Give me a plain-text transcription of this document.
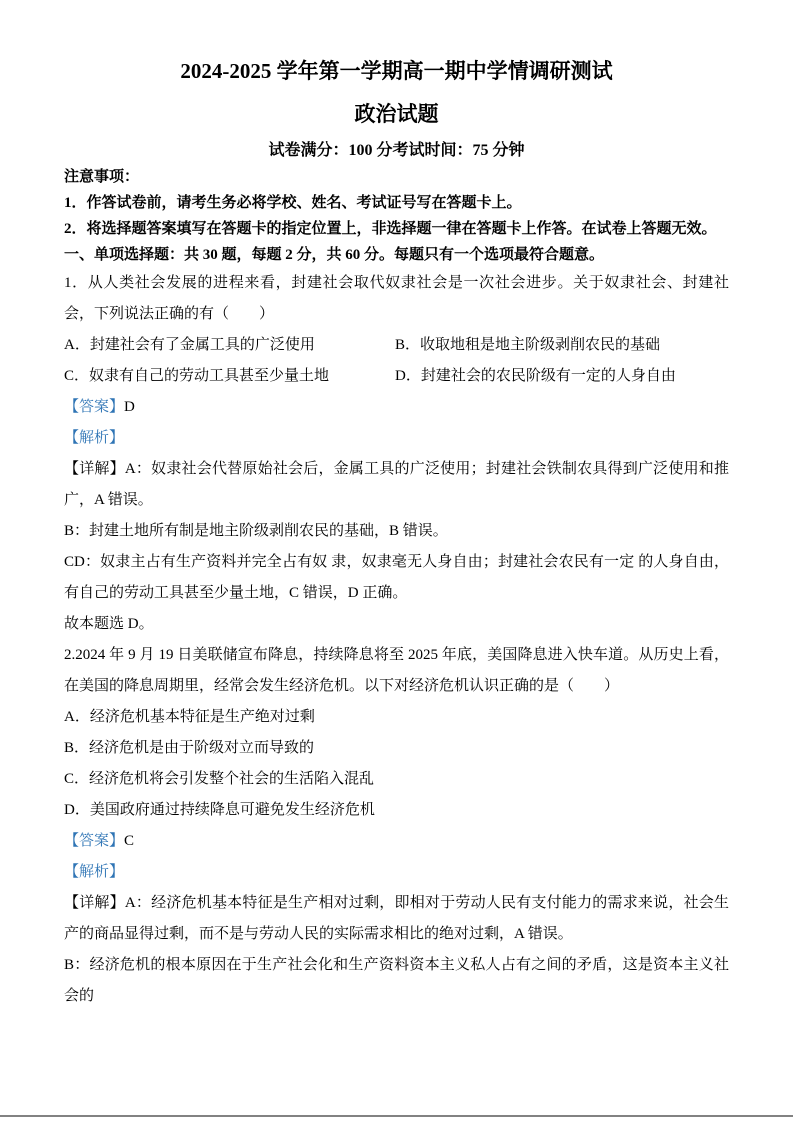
2024-2025 学年第一学期高一期中学情调研测试
政治试题

试卷满分：100 分考试时间：75 分钟

注意事项：

1．作答试卷前，请考生务必将学校、姓名、考试证号写在答题卡上。

2．将选择题答案填写在答题卡的指定位置上，非选择题一律在答题卡上作答。在试卷上答题无效。

一、单项选择题：共 30 题，每题 2 分，共 60 分。每题只有一个选项最符合题意。

1．从人类社会发展的进程来看，封建社会取代奴隶社会是一次社会进步。关于奴隶社会、封建社会，下列说法正确的有（　　）

A．封建社会有了金属工具的广泛使用	B．收取地租是地主阶级剥削农民的基础
C．奴隶有自己的劳动工具甚至少量土地	D．封建社会的农民阶级有一定的人身自由

【答案】D

【解析】

【详解】A：奴隶社会代替原始社会后，金属工具的广泛使用；封建社会铁制农具得到广泛使用和推广，A 错误。

B：封建土地所有制是地主阶级剥削农民的基础，B 错误。

CD：奴隶主占有生产资料并完全占有奴 隶，奴隶毫无人身自由；封建社会农民有一定 的人身自由，有自己的劳动工具甚至少量土地，C 错误，D 正确。

故本题选 D。

2.2024 年 9 月 19 日美联储宣布降息，持续降息将至 2025 年底，美国降息进入快车道。从历史上看，在美国的降息周期里，经常会发生经济危机。以下对经济危机认识正确的是（　　）

A．经济危机基本特征是生产绝对过剩

B．经济危机是由于阶级对立而导致的

C．经济危机将会引发整个社会的生活陷入混乱

D．美国政府通过持续降息可避免发生经济危机

【答案】C

【解析】

【详解】A：经济危机基本特征是生产相对过剩，即相对于劳动人民有支付能力的需求来说，社会生产的商品显得过剩，而不是与劳动人民的实际需求相比的绝对过剩，A 错误。

B：经济危机的根本原因在于生产社会化和生产资料资本主义私人占有之间的矛盾，这是资本主义社会的
